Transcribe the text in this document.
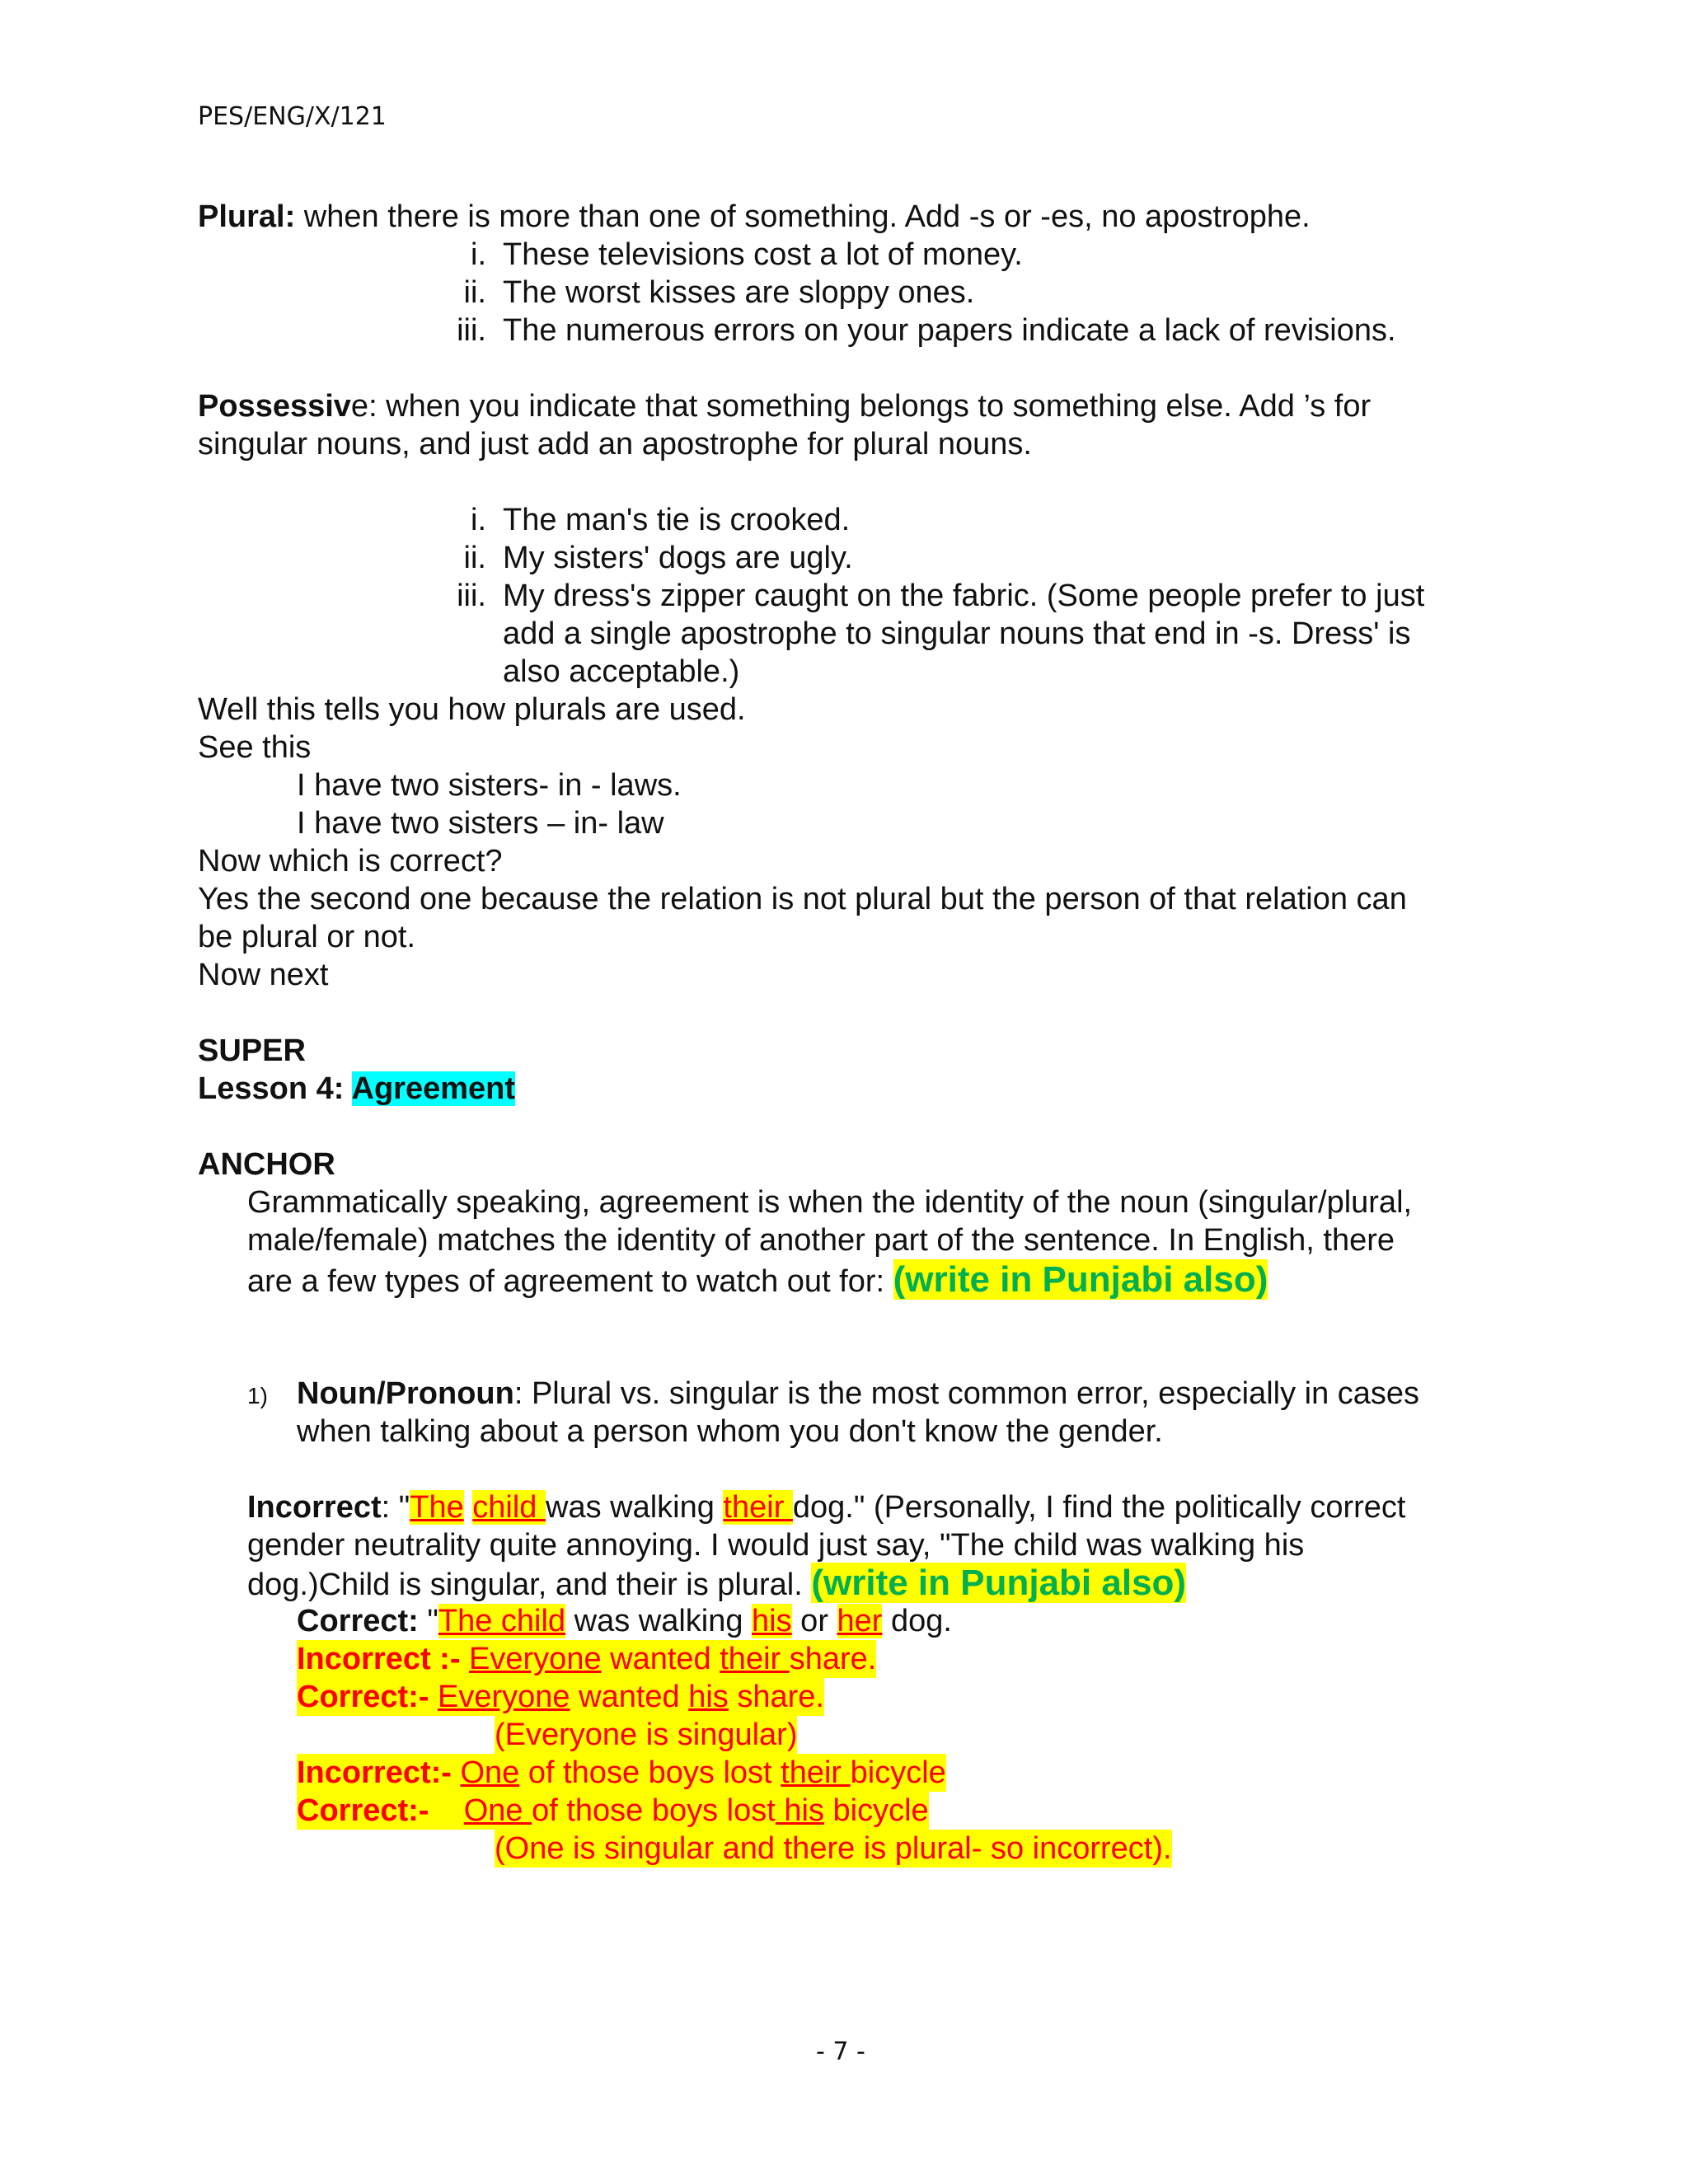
PES/ENG/X/121
Plural: when there is more than one of something. Add -s or -es, no apostrophe.
i. These televisions cost a lot of money.
ii. The worst kisses are sloppy ones.
iii. The numerous errors on your papers indicate a lack of revisions.
Possessive: when you indicate that something belongs to something else. Add ’s for
singular nouns, and just add an apostrophe for plural nouns.
i. The man's tie is crooked.
ii. My sisters' dogs are ugly.
iii. My dress's zipper caught on the fabric. (Some people prefer to just
add a single apostrophe to singular nouns that end in -s. Dress' is
also acceptable.)
Well this tells you how plurals are used.
See this
I have two sisters- in - laws.
I have two sisters – in- law
Now which is correct?
Yes the second one because the relation is not plural but the person of that relation can
be plural or not.
Now next
SUPER
Lesson 4: Agreement
ANCHOR
Grammatically speaking, agreement is when the identity of the noun (singular/plural,
male/female) matches the identity of another part of the sentence. In English, there
are a few types of agreement to watch out for: (write in Punjabi also)
1) Noun/Pronoun: Plural vs. singular is the most common error, especially in cases
when talking about a person whom you don't know the gender.
Incorrect: "The child was walking their dog." (Personally, I find the politically correct
gender neutrality quite annoying. I would just say, "The child was walking his
dog.)Child is singular, and their is plural. (write in Punjabi also)
Correct: "The child was walking his or her dog.
Incorrect :- Everyone wanted their share.
Correct:- Everyone wanted his share.
(Everyone is singular)
Incorrect:- One of those boys lost their bicycle
Correct:-    One of those boys lost his bicycle
(One is singular and there is plural- so incorrect).
- 7 -
